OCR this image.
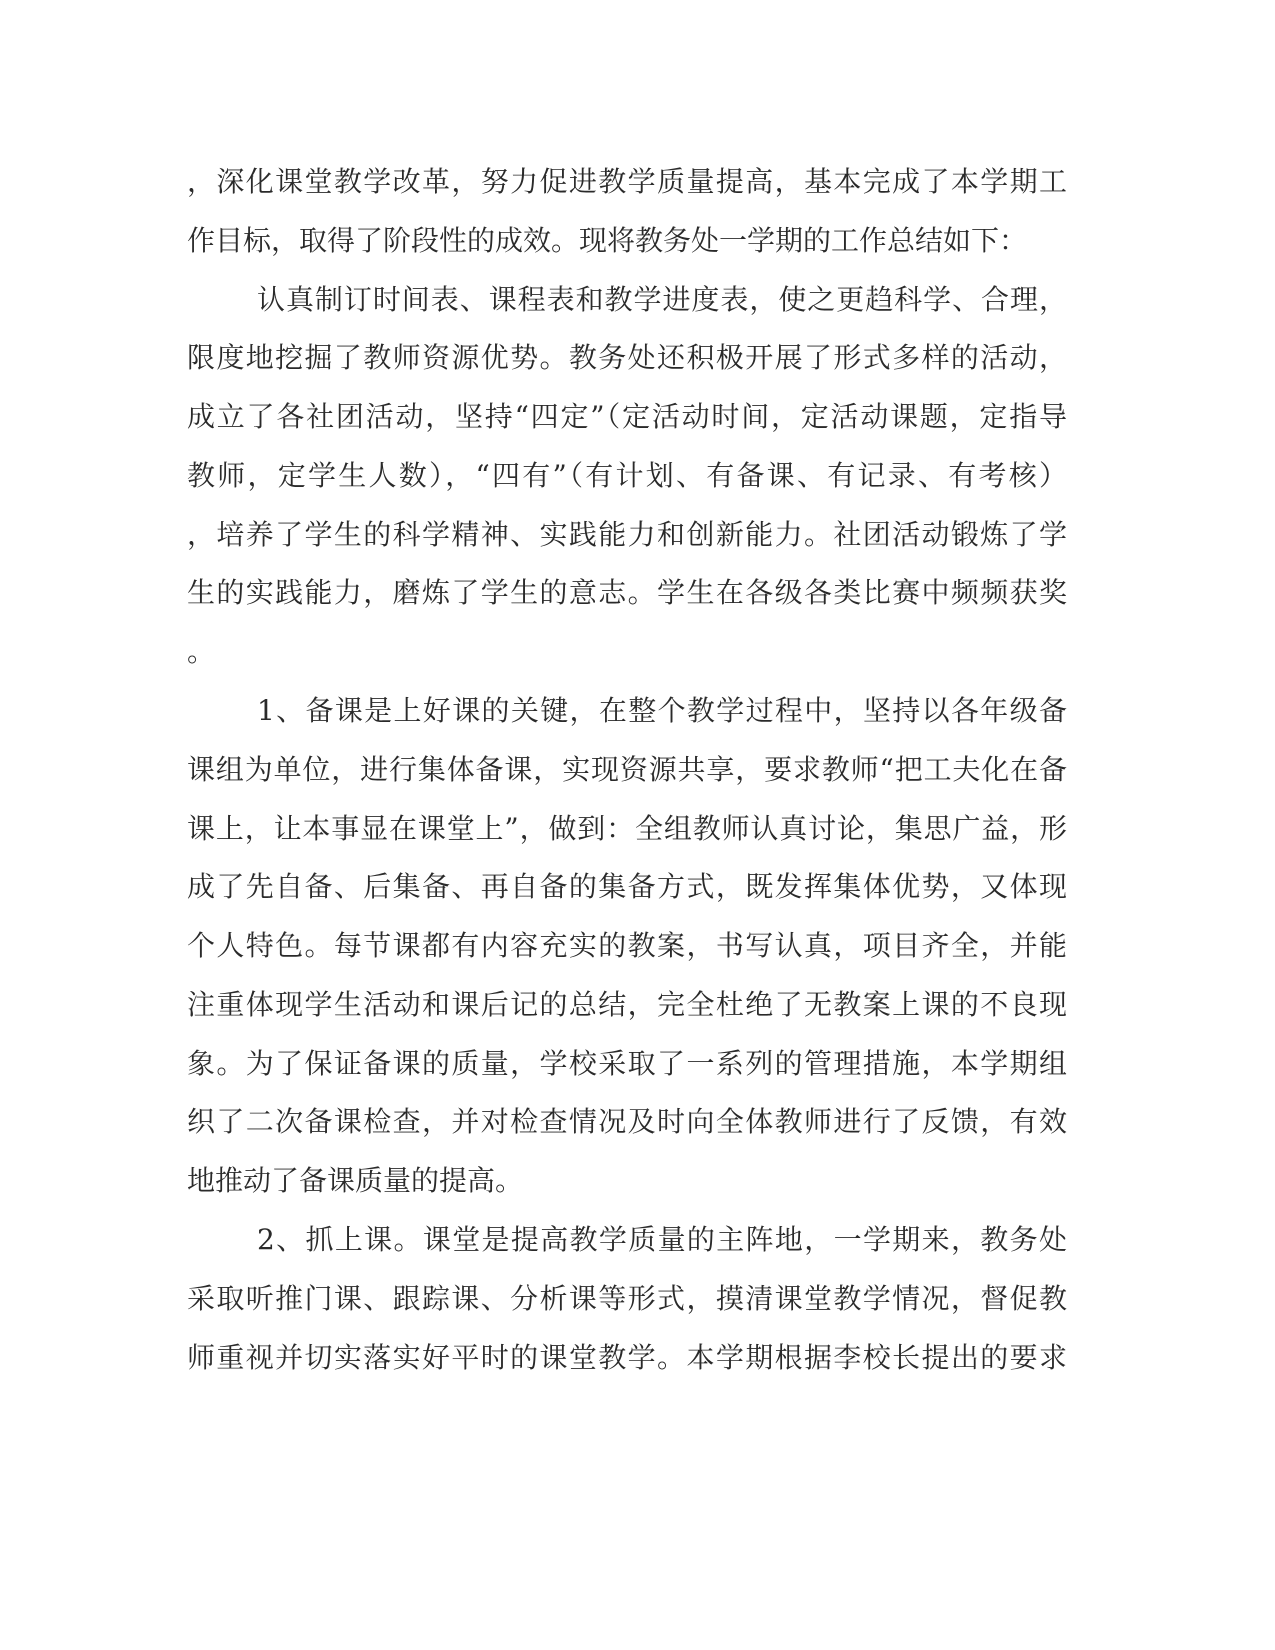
，深化课堂教学改革，努力促进教学质量提高，基本完成了本学期工
作目标，取得了阶段性的成效。现将教务处一学期的工作总结如下：
认真制订时间表、课程表和教学进度表，使之更趋科学、合理，
限度地挖掘了教师资源优势。教务处还积极开展了形式多样的活动，
成立了各社团活动，坚持“四定”（定活动时间，定活动课题，定指导
教师，定学生人数），“四有”（有计划、有备课、有记录、有考核）
，培养了学生的科学精神、实践能力和创新能力。社团活动锻炼了学
生的实践能力，磨炼了学生的意志。学生在各级各类比赛中频频获奖
。
1、备课是上好课的关键，在整个教学过程中，坚持以各年级备
课组为单位，进行集体备课，实现资源共享，要求教师“把工夫化在备
课上，让本事显在课堂上”，做到：全组教师认真讨论，集思广益，形
成了先自备、后集备、再自备的集备方式，既发挥集体优势，又体现
个人特色。每节课都有内容充实的教案，书写认真，项目齐全，并能
注重体现学生活动和课后记的总结，完全杜绝了无教案上课的不良现
象。为了保证备课的质量，学校采取了一系列的管理措施，本学期组
织了二次备课检查，并对检查情况及时向全体教师进行了反馈，有效
地推动了备课质量的提高。
2、抓上课。课堂是提高教学质量的主阵地，一学期来，教务处
采取听推门课、跟踪课、分析课等形式，摸清课堂教学情况，督促教
师重视并切实落实好平时的课堂教学。本学期根据李校长提出的要求
